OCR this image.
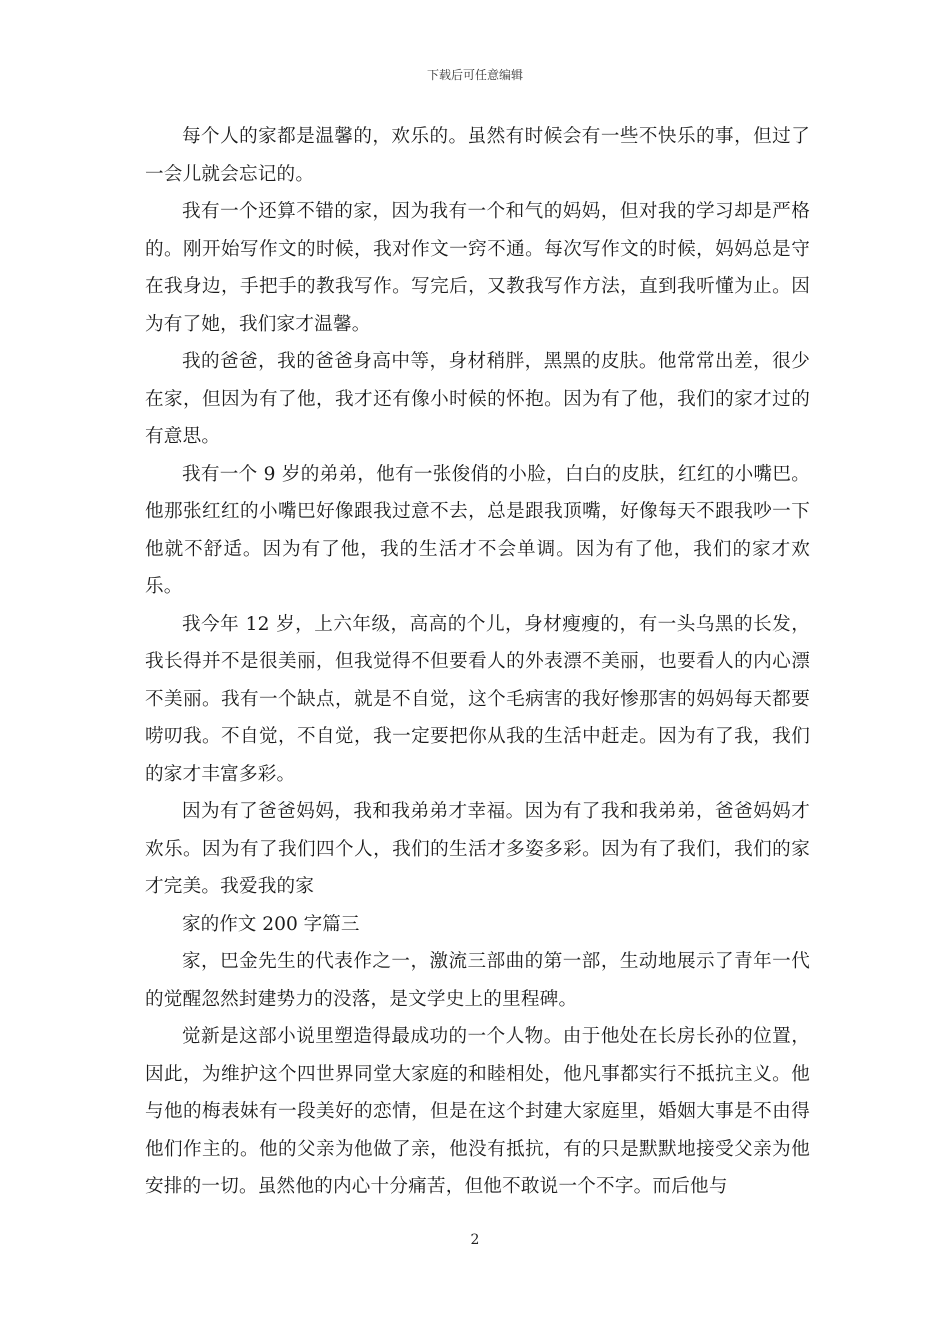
下载后可任意编辑

每个人的家都是温馨的，欢乐的。虽然有时候会有一些不快乐的事，但过了一会儿就会忘记的。

我有一个还算不错的家，因为我有一个和气的妈妈，但对我的学习却是严格的。刚开始写作文的时候，我对作文一窍不通。每次写作文的时候，妈妈总是守在我身边，手把手的教我写作。写完后，又教我写作方法，直到我听懂为止。因为有了她，我们家才温馨。

我的爸爸，我的爸爸身高中等，身材稍胖，黑黑的皮肤。他常常出差，很少在家，但因为有了他，我才还有像小时候的怀抱。因为有了他，我们的家才过的有意思。

我有一个 9 岁的弟弟，他有一张俊俏的小脸，白白的皮肤，红红的小嘴巴。他那张红红的小嘴巴好像跟我过意不去，总是跟我顶嘴，好像每天不跟我吵一下他就不舒适。因为有了他，我的生活才不会单调。因为有了他，我们的家才欢乐。

我今年 12 岁，上六年级，高高的个儿，身材瘦瘦的，有一头乌黑的长发，我长得并不是很美丽，但我觉得不但要看人的外表漂不美丽，也要看人的内心漂不美丽。我有一个缺点，就是不自觉，这个毛病害的我好惨那害的妈妈每天都要唠叨我。不自觉，不自觉，我一定要把你从我的生活中赶走。因为有了我，我们的家才丰富多彩。

因为有了爸爸妈妈，我和我弟弟才幸福。因为有了我和我弟弟，爸爸妈妈才欢乐。因为有了我们四个人，我们的生活才多姿多彩。因为有了我们，我们的家才完美。我爱我的家

家的作文 200 字篇三

家，巴金先生的代表作之一，激流三部曲的第一部，生动地展示了青年一代的觉醒忽然封建势力的没落，是文学史上的里程碑。

觉新是这部小说里塑造得最成功的一个人物。由于他处在长房长孙的位置，因此，为维护这个四世界同堂大家庭的和睦相处，他凡事都实行不抵抗主义。他与他的梅表妹有一段美好的恋情，但是在这个封建大家庭里，婚姻大事是不由得他们作主的。他的父亲为他做了亲，他没有抵抗，有的只是默默地接受父亲为他安排的一切。虽然他的内心十分痛苦，但他不敢说一个不字。而后他与

2
